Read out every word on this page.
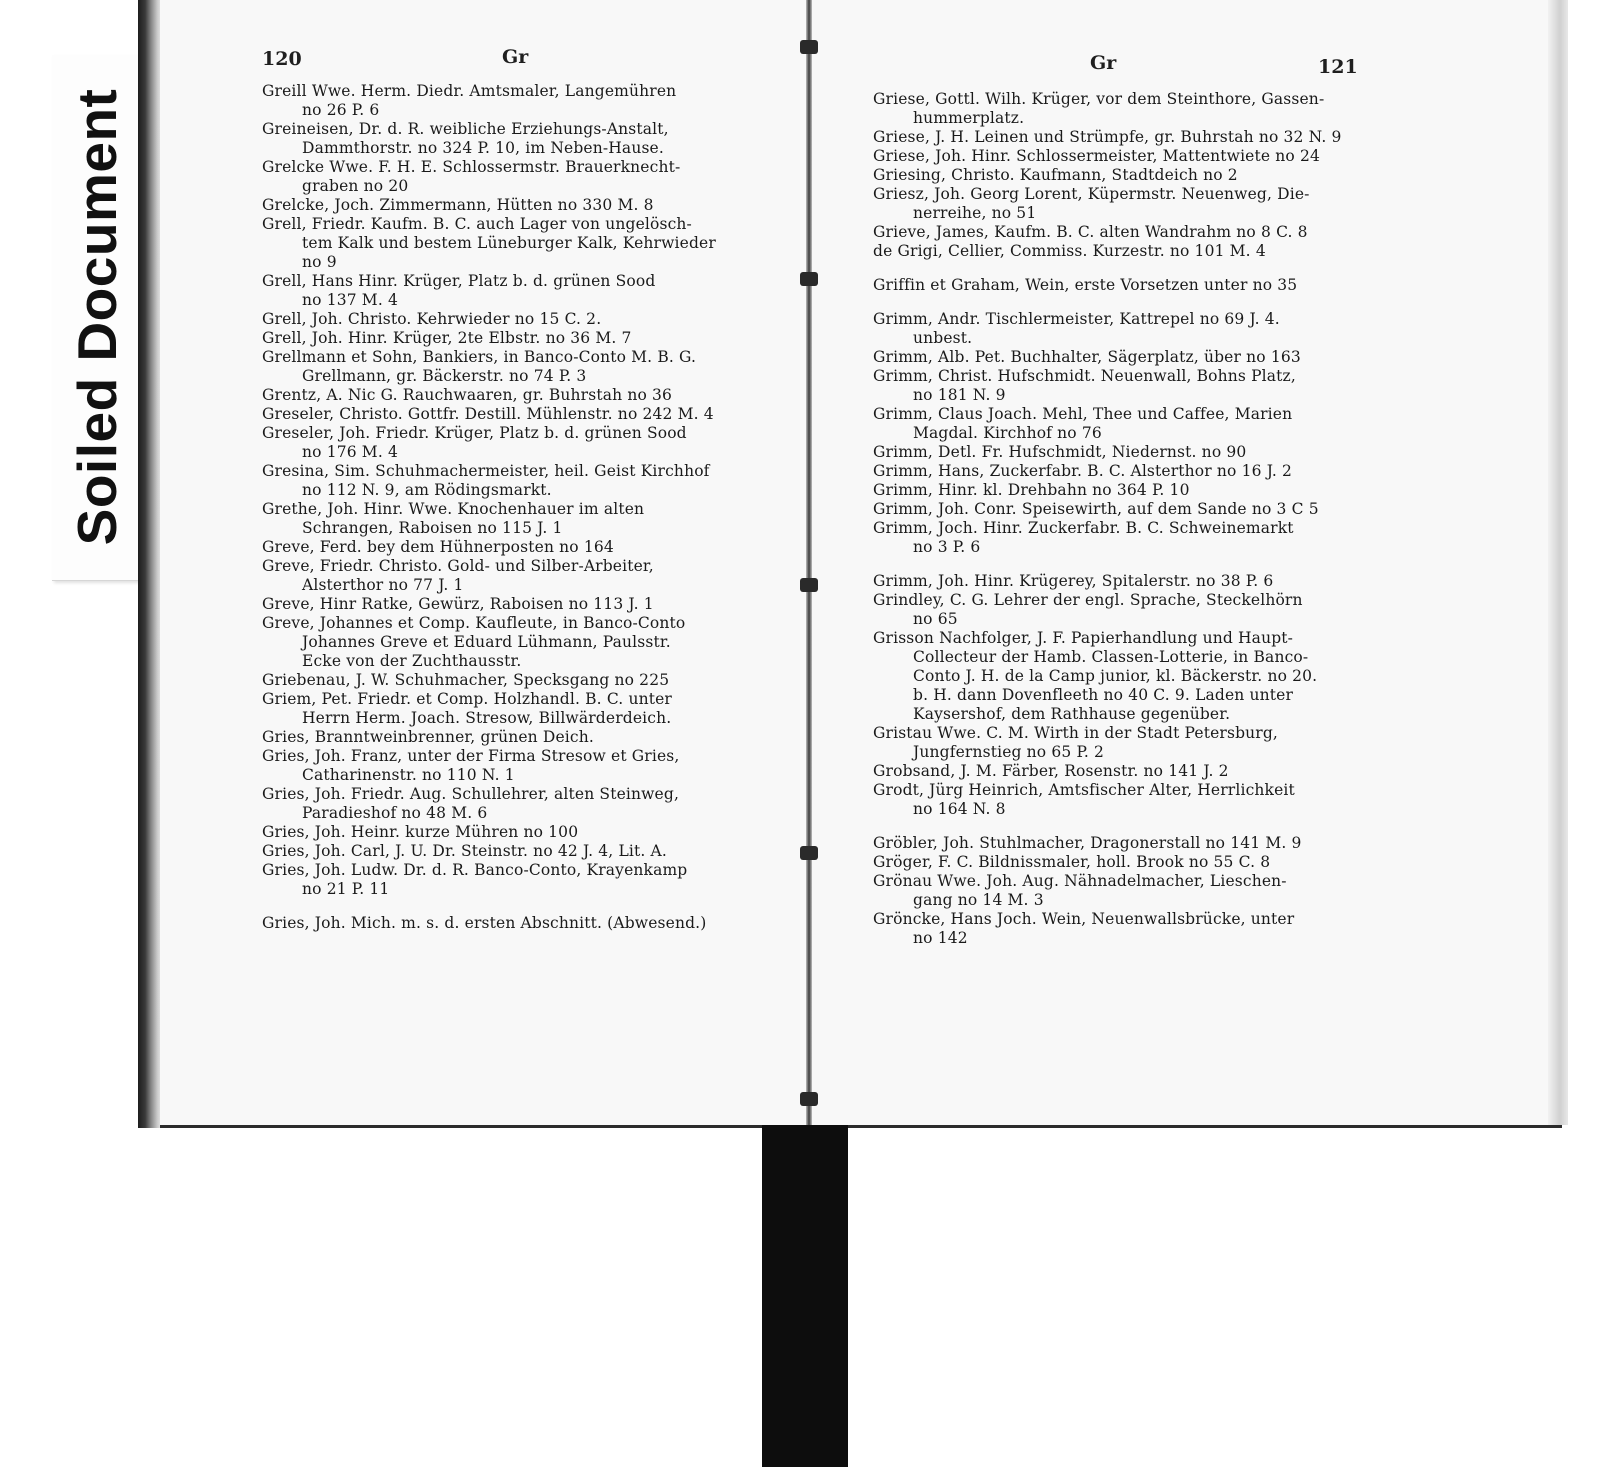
Soiled Document
120	Gr	Gr	121
Greill Wwe. Herm. Diedr. Amtsmaler, Langemühren
no 26 P. 6
Greineisen, Dr. d. R. weibliche Erziehungs-Anstalt,
Dammthorstr. no 324 P. 10, im Neben-Hause.
Grelcke Wwe. F. H. E. Schlossermstr. Brauerknecht-
graben no 20
Grelcke, Joch. Zimmermann, Hütten no 330 M. 8
Grell, Friedr. Kaufm. B. C. auch Lager von ungelösch-
tem Kalk und bestem Lüneburger Kalk, Kehrwieder
no 9
Grell, Hans Hinr. Krüger, Platz b. d. grünen Sood
no 137 M. 4
Grell, Joh. Christo. Kehrwieder no 15 C. 2.
Grell, Joh. Hinr. Krüger, 2te Elbstr. no 36 M. 7
Grellmann et Sohn, Bankiers, in Banco-Conto M. B. G.
Grellmann, gr. Bäckerstr. no 74 P. 3
Grentz, A. Nic G. Rauchwaaren, gr. Buhrstah no 36
Greseler, Christo. Gottfr. Destill. Mühlenstr. no 242 M. 4
Greseler, Joh. Friedr. Krüger, Platz b. d. grünen Sood
no 176 M. 4
Gresina, Sim. Schuhmachermeister, heil. Geist Kirchhof
no 112 N. 9, am Rödingsmarkt.
Grethe, Joh. Hinr. Wwe. Knochenhauer im alten
Schrangen, Raboisen no 115 J. 1
Greve, Ferd. bey dem Hühnerposten no 164
Greve, Friedr. Christo. Gold- und Silber-Arbeiter,
Alsterthor no 77 J. 1
Greve, Hinr Ratke, Gewürz, Raboisen no 113 J. 1
Greve, Johannes et Comp. Kaufleute, in Banco-Conto
Johannes Greve et Eduard Lühmann, Paulsstr.
Ecke von der Zuchthausstr.
Griebenau, J. W. Schuhmacher, Specksgang no 225
Griem, Pet. Friedr. et Comp. Holzhandl. B. C. unter
Herrn Herm. Joach. Stresow, Billwärderdeich.
Gries, Branntweinbrenner, grünen Deich.
Gries, Joh. Franz, unter der Firma Stresow et Gries,
Catharinenstr. no 110 N. 1
Gries, Joh. Friedr. Aug. Schullehrer, alten Steinweg,
Paradieshof no 48 M. 6
Gries, Joh. Heinr. kurze Mühren no 100
Gries, Joh. Carl, J. U. Dr. Steinstr. no 42 J. 4, Lit. A.
Gries, Joh. Ludw. Dr. d. R. Banco-Conto, Krayenkamp
no 21 P. 11
Gries, Joh. Mich. m. s. d. ersten Abschnitt. (Abwesend.)
Griese, Gottl. Wilh. Krüger, vor dem Steinthore, Gassen-
hummerplatz.
Griese, J. H. Leinen und Strümpfe, gr. Buhrstah no 32 N. 9
Griese, Joh. Hinr. Schlossermeister, Mattentwiete no 24
Griesing, Christo. Kaufmann, Stadtdeich no 2
Griesz, Joh. Georg Lorent, Küpermstr. Neuenweg, Die-
nerreihe, no 51
Grieve, James, Kaufm. B. C. alten Wandrahm no 8 C. 8
de Grigi, Cellier, Commiss. Kurzestr. no 101 M. 4
Griffin et Graham, Wein, erste Vorsetzen unter no 35
Grimm, Andr. Tischlermeister, Kattrepel no 69 J. 4.
unbest.
Grimm, Alb. Pet. Buchhalter, Sägerplatz, über no 163
Grimm, Christ. Hufschmidt. Neuenwall, Bohns Platz,
no 181 N. 9
Grimm, Claus Joach. Mehl, Thee und Caffee, Marien
Magdal. Kirchhof no 76
Grimm, Detl. Fr. Hufschmidt, Niedernst. no 90
Grimm, Hans, Zuckerfabr. B. C. Alsterthor no 16 J. 2
Grimm, Hinr. kl. Drehbahn no 364 P. 10
Grimm, Joh. Conr. Speisewirth, auf dem Sande no 3 C 5
Grimm, Joch. Hinr. Zuckerfabr. B. C. Schweinemarkt
no 3 P. 6
Grimm, Joh. Hinr. Krügerey, Spitalerstr. no 38 P. 6
Grindley, C. G. Lehrer der engl. Sprache, Steckelhörn
no 65
Grisson Nachfolger, J. F. Papierhandlung und Haupt-
Collecteur der Hamb. Classen-Lotterie, in Banco-
Conto J. H. de la Camp junior, kl. Bäckerstr. no 20.
b. H. dann Dovenfleeth no 40 C. 9. Laden unter
Kaysershof, dem Rathhause gegenüber.
Gristau Wwe. C. M. Wirth in der Stadt Petersburg,
Jungfernstieg no 65 P. 2
Grobsand, J. M. Färber, Rosenstr. no 141 J. 2
Grodt, Jürg Heinrich, Amtsfischer Alter, Herrlichkeit
no 164 N. 8
Gröbler, Joh. Stuhlmacher, Dragonerstall no 141 M. 9
Gröger, F. C. Bildnissmaler, holl. Brook no 55 C. 8
Grönau Wwe. Joh. Aug. Nähnadelmacher, Lieschen-
gang no 14 M. 3
Gröncke, Hans Joch. Wein, Neuenwallsbrücke, unter
no 142
